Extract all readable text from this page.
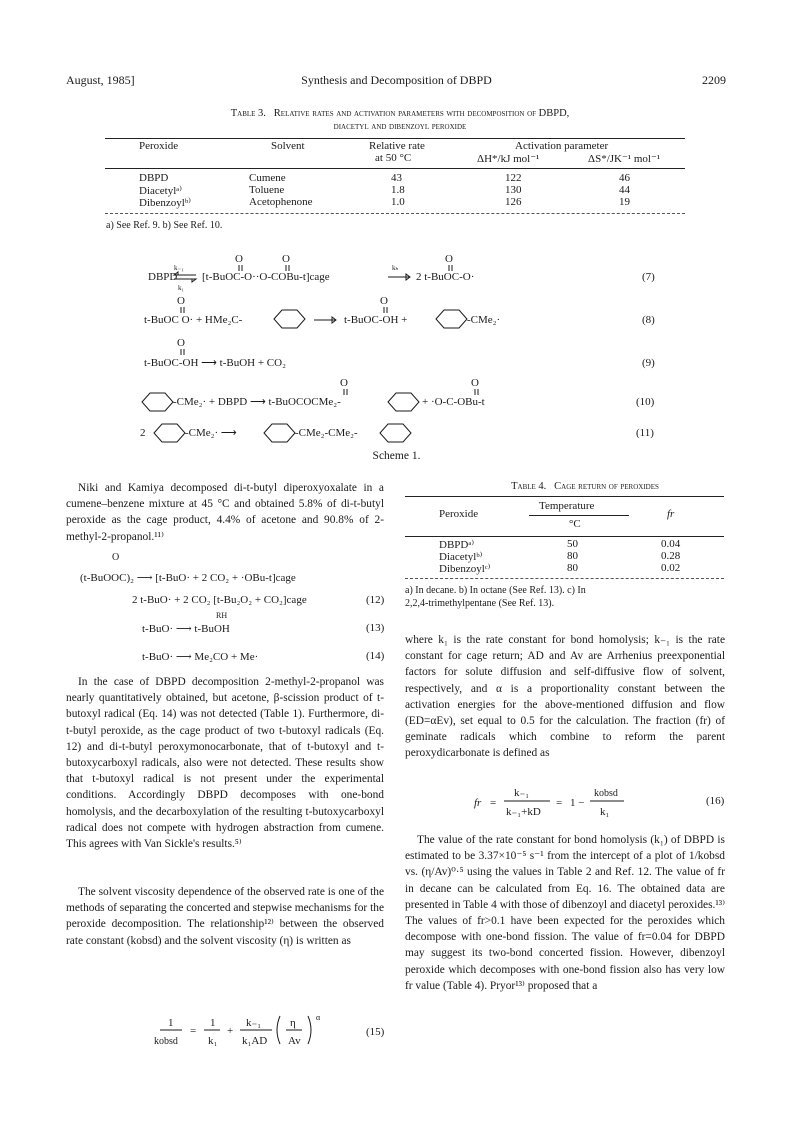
August, 1985]	Synthesis and Decomposition of DBPD	2209
Table 3. Relative rates and activation parameters with decomposition of DBPD,
diacetyl and dibenzoyl peroxide
Peroxide	Solvent	Relative rate
at 50 °C
Activation parameter
ΔH*/kJ mol⁻¹	ΔS*/JK⁻¹ mol⁻¹
DBPD	Cumene	43	122	46
Diacetylᵃ⁾	Toluene	1.8	130	44
Dibenzoylᵇ⁾	Acetophenone	1.0	126	19
a) See Ref. 9. b) See Ref. 10.
O	O	O
DBPD
k₋₁
k₁
[t-BuOC-O··O-COBu-t]cage
kₕ
2 t-BuOC-O·	(7)
O	O
t-BuOC O· + HMe₂C-	t-BuOC-OH +	-CMe₂·	(8)
O
t-BuOC-OH ⟶ t-BuOH + CO₂	(9)
O	O
-CMe₂· + DBPD ⟶ t-BuOCOCMe₂-	+ ·O-C-OBu-t	(10)
2	-CMe₂· ⟶	-CMe₂-CMe₂-	(11)
Scheme 1.

Niki and Kamiya decomposed di-t-butyl diperoxyoxalate in a cumene–benzene mixture at 45 °C and obtained 5.8% of di-t-butyl peroxide as the cage product, 4.4% of acetone and 90.8% of 2-methyl-2-propanol.¹¹⁾

O
(t-BuOOC)₂ ⟶ [t-BuO· + 2 CO₂ + ·OBu-t]cage
2 t-BuO· + 2 CO₂ [t-Bu₂O₂ + CO₂]cage	(12)
RH
t-BuO· ⟶ t-BuOH	(13)
t-BuO· ⟶ Me₂CO + Me·	(14)

In the case of DBPD decomposition 2-methyl-2-propanol was nearly quantitatively obtained, but acetone, β-scission product of t-butoxyl radical (Eq. 14) was not detected (Table 1). Furthermore, di-t-butyl peroxide, as the cage product of two t-butoxyl radicals (Eq. 12) and di-t-butyl peroxymonocarbonate, that of t-butoxyl and t-butoxycarboxyl radicals, also were not detected. These results show that t-butoxyl radical is not present under the experimental conditions. Accordingly DBPD decomposes with one-bond homolysis, and the decarboxylation of the resulting t-butoxycarboxyl radical does not compete with hydrogen abstraction from cumene. This agrees with Van Sickle's results.⁵⁾

The solvent viscosity dependence of the observed rate is one of the methods of separating the concerted and stepwise mechanisms for the peroxide decomposition. The relationship¹²⁾ between the observed rate constant (kobsd) and the solvent viscosity (η) is written as

1
kobsd
=
1
k₁
+
k₋₁
k₁AD
η
Av
α
(15)
Table 4. Cage return of peroxides
Peroxide
Temperature
°C
fr
DBPDᵃ⁾	50	0.04
Diacetylᵇ⁾	80	0.28
Dibenzoylᶜ⁾	80	0.02
a) In decane. b) In octane (See Ref. 13). c) In
2,2,4-trimethylpentane (See Ref. 13).

where k₁ is the rate constant for bond homolysis; k₋₁ is the rate constant for cage return; AD and Av are Arrhenius preexponential factors for solute diffusion and self-diffusive flow of solvent, respectively, and α is a proportionality constant between the activation energies for the above-mentioned diffusion and flow (ED=αEv), set equal to 0.5 for the calculation. The fraction (fr) of geminate radicals which combine to reform the parent peroxydicarbonate is defined as

fr =
k₋₁
k₋₁+kD
= 1 −
kobsd
k₁
(16)

The value of the rate constant for bond homolysis (k₁) of DBPD is estimated to be 3.37×10⁻⁵ s⁻¹ from the intercept of a plot of 1/kobsd vs. (η/Av)⁰·⁵ using the values in Table 2 and Ref. 12. The value of fr in decane can be calculated from Eq. 16. The obtained data are presented in Table 4 with those of dibenzoyl and diacetyl peroxides.¹³⁾ The values of fr>0.1 have been expected for the peroxides which decompose with one-bond fission. The value of fr=0.04 for DBPD may suggest its two-bond concerted fission. However, dibenzoyl peroxide which decomposes with one-bond fission also has very low fr value (Table 4). Pryor¹³⁾ proposed that a
